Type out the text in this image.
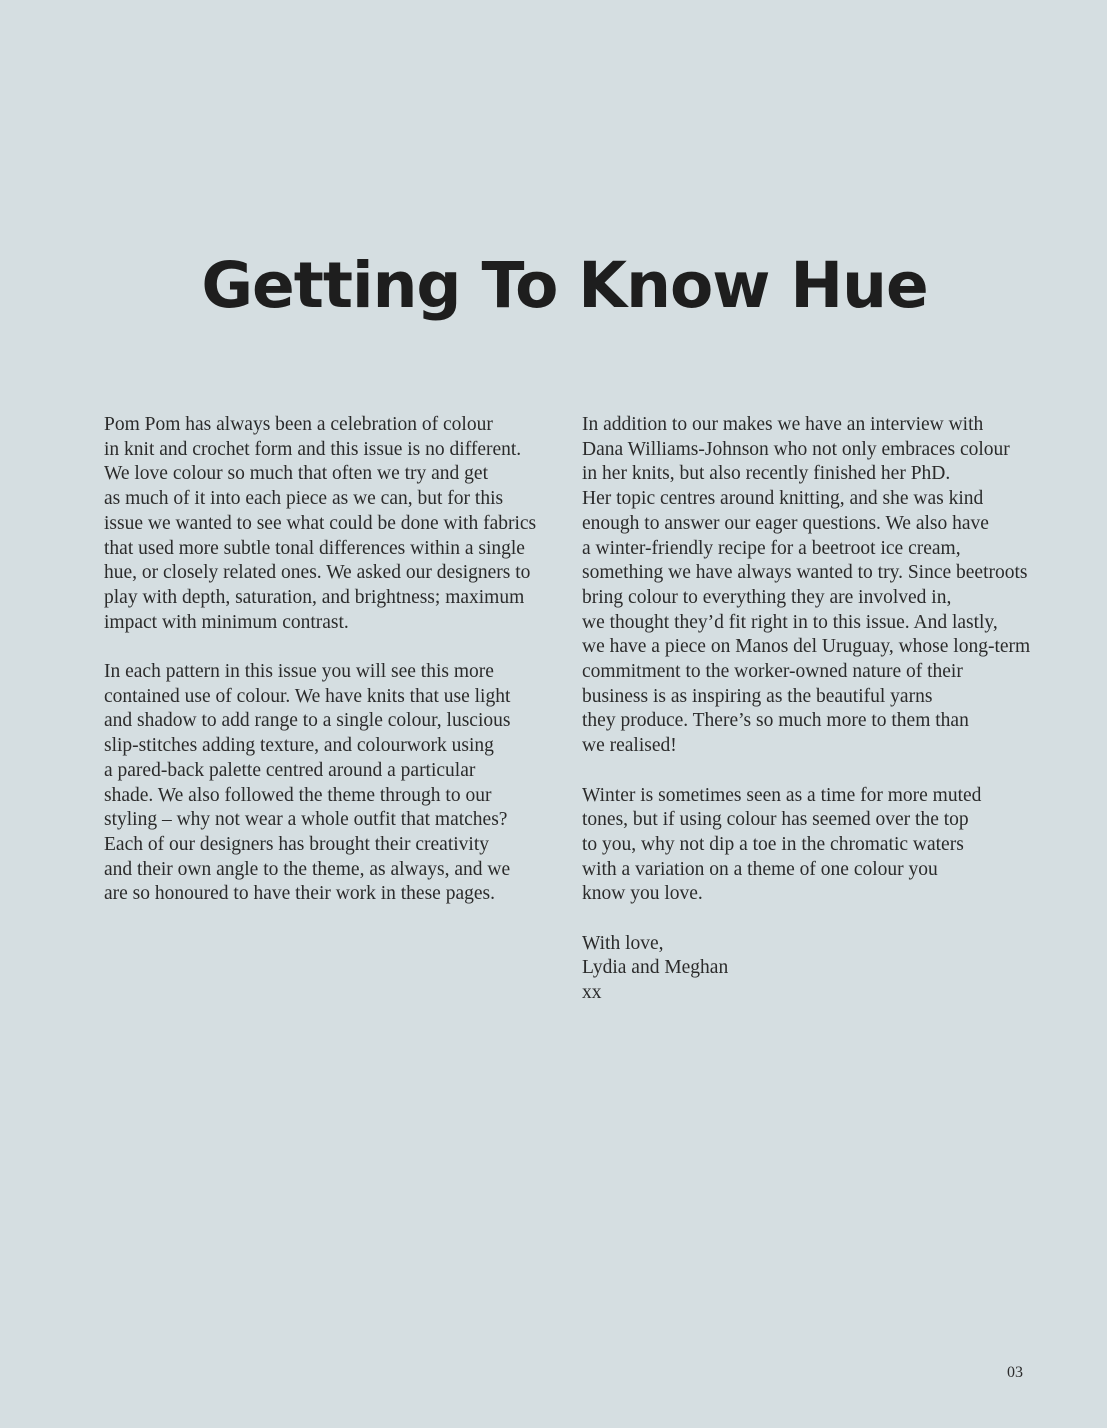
Getting To Know Hue

Pom Pom has always been a celebration of colour
in knit and crochet form and this issue is no different.
We love colour so much that often we try and get
as much of it into each piece as we can, but for this
issue we wanted to see what could be done with fabrics
that used more subtle tonal differences within a single
hue, or closely related ones. We asked our designers to
play with depth, saturation, and brightness; maximum
impact with minimum contrast.

In each pattern in this issue you will see this more
contained use of colour. We have knits that use light
and shadow to add range to a single colour, luscious
slip-stitches adding texture, and colourwork using
a pared-back palette centred around a particular
shade. We also followed the theme through to our
styling – why not wear a whole outfit that matches?
Each of our designers has brought their creativity
and their own angle to the theme, as always, and we
are so honoured to have their work in these pages.

In addition to our makes we have an interview with
Dana Williams-Johnson who not only embraces colour
in her knits, but also recently finished her PhD.
Her topic centres around knitting, and she was kind
enough to answer our eager questions. We also have
a winter-friendly recipe for a beetroot ice cream,
something we have always wanted to try. Since beetroots
bring colour to everything they are involved in,
we thought they’d fit right in to this issue. And lastly,
we have a piece on Manos del Uruguay, whose long-term
commitment to the worker-owned nature of their
business is as inspiring as the beautiful yarns
they produce. There’s so much more to them than
we realised!

Winter is sometimes seen as a time for more muted
tones, but if using colour has seemed over the top
to you, why not dip a toe in the chromatic waters
with a variation on a theme of one colour you
know you love.

With love,
Lydia and Meghan
xx

03
